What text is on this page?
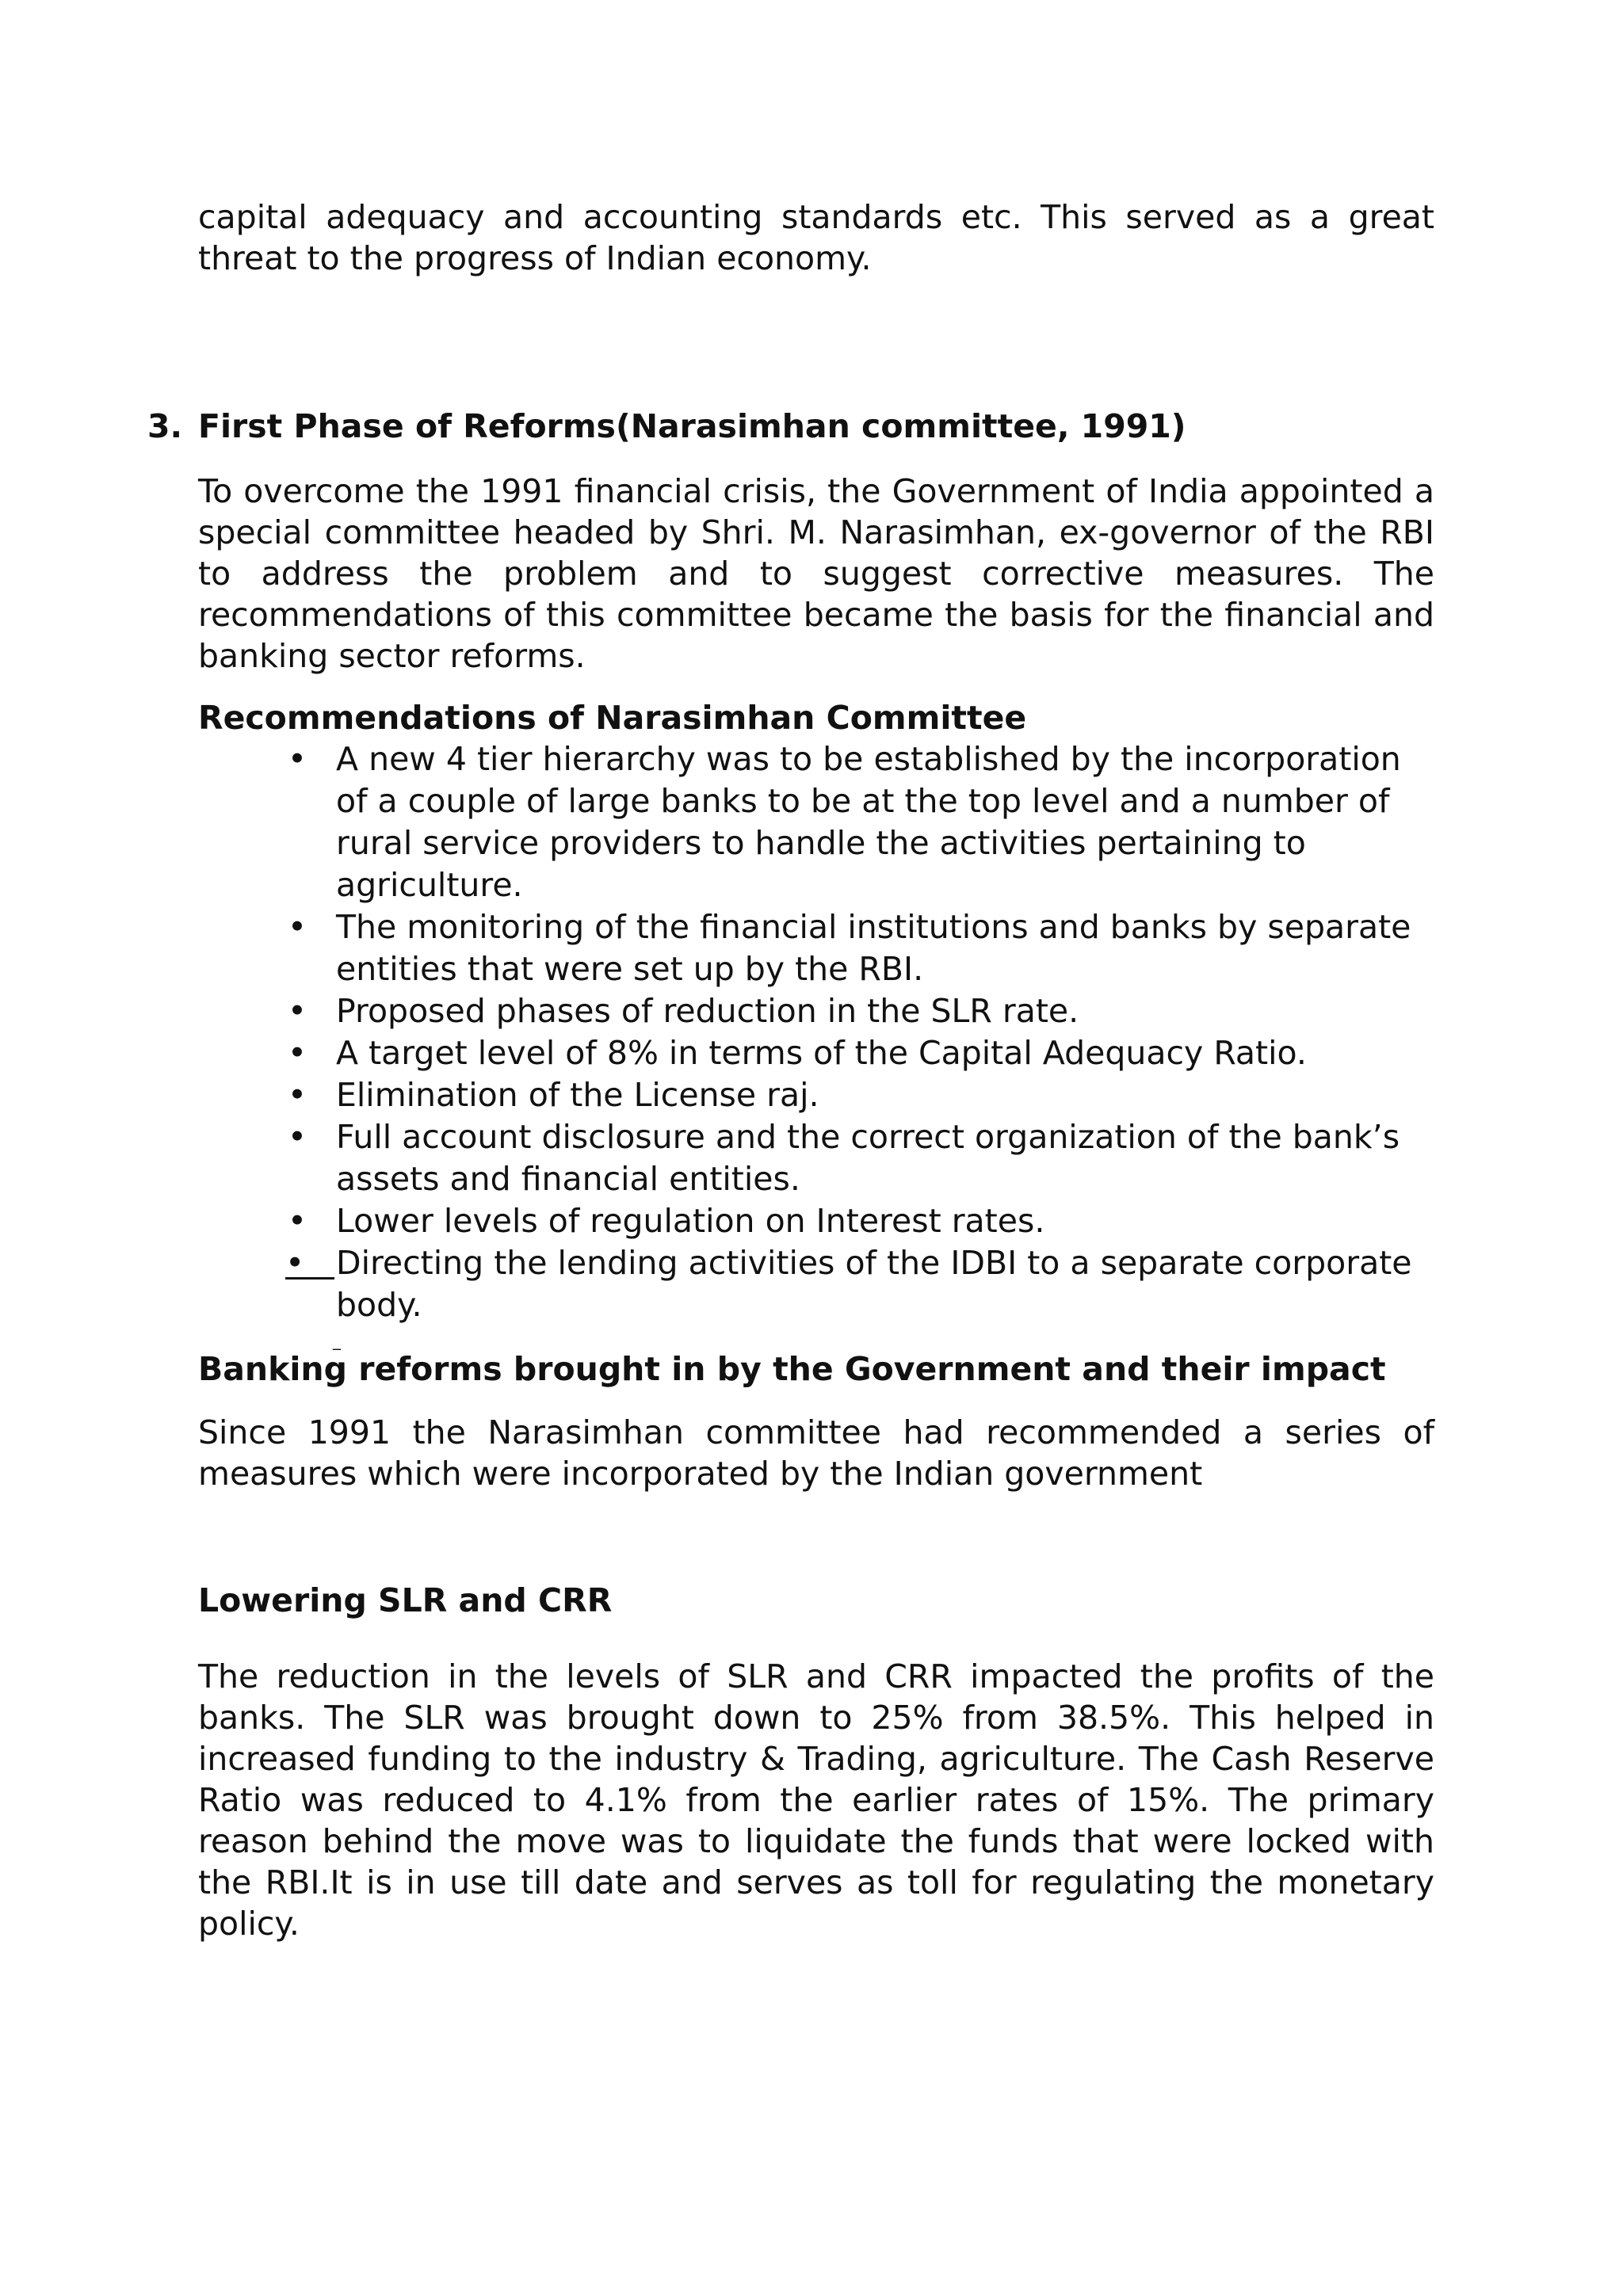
capital adequacy and accounting standards etc. This served as a great threat to the progress of Indian economy.

3. First Phase of Reforms(Narasimhan committee, 1991)

To overcome the 1991 financial crisis, the Government of India appointed a special committee headed by Shri. M. Narasimhan, ex-governor of the RBI to address the problem and to suggest corrective measures. The recommendations of this committee became the basis for the financial and banking sector reforms.

Recommendations of Narasimhan Committee
• A new 4 tier hierarchy was to be established by the incorporation of a couple of large banks to be at the top level and a number of rural service providers to handle the activities pertaining to agriculture.
• The monitoring of the financial institutions and banks by separate entities that were set up by the RBI.
• Proposed phases of reduction in the SLR rate.
• A target level of 8% in terms of the Capital Adequacy Ratio.
• Elimination of the License raj.
• Full account disclosure and the correct organization of the bank’s assets and financial entities.
• Lower levels of regulation on Interest rates.
• Directing the lending activities of the IDBI to a separate corporate body.
_
Banking reforms brought in by the Government and their impact

Since 1991 the Narasimhan committee had recommended a series of measures which were incorporated by the Indian government

Lowering SLR and CRR

The reduction in the levels of SLR and CRR impacted the profits of the banks. The SLR was brought down to 25% from 38.5%. This helped in increased funding to the industry & Trading, agriculture. The Cash Reserve Ratio was reduced to 4.1% from the earlier rates of 15%. The primary reason behind the move was to liquidate the funds that were locked with the RBI.It is in use till date and serves as toll for regulating the monetary policy.
